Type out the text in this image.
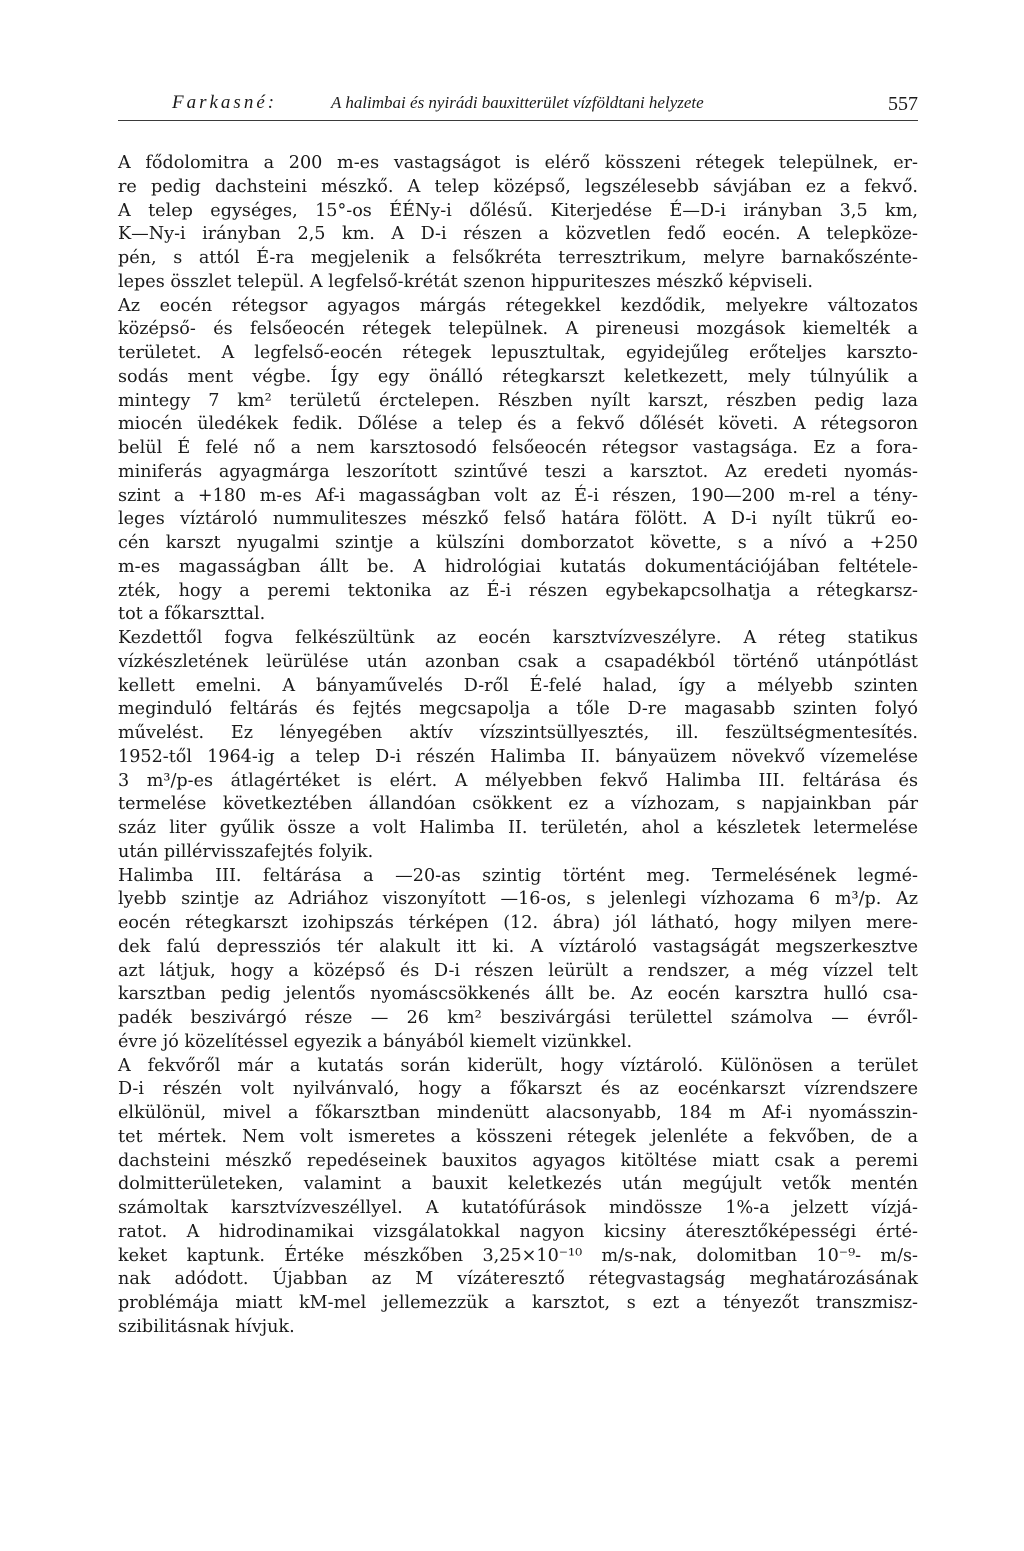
Farkasné:	A halimbai és nyirádi bauxitterület vízföldtani helyzete	557
A fődolomitra a 200 m-es vastagságot is elérő kösszeni rétegek települnek, er-
re pedig dachsteini mészkő. A telep középső, legszélesebb sávjában ez a fekvő.
A telep egységes, 15°-os ÉÉNy-i dőlésű. Kiterjedése É—D-i irányban 3,5 km,
K—Ny-i irányban 2,5 km. A D-i részen a közvetlen fedő eocén. A telepköze-
pén, s attól É-ra megjelenik a felsőkréta terresztrikum, melyre barnakőszénte-
lepes összlet települ. A legfelső-krétát szenon hippuriteszes mészkő képviseli.
Az eocén rétegsor agyagos márgás rétegekkel kezdődik, melyekre változatos
középső- és felsőeocén rétegek települnek. A pireneusi mozgások kiemelték a
területet. A legfelső-eocén rétegek lepusztultak, egyidejűleg erőteljes karszto-
sodás ment végbe. Így egy önálló rétegkarszt keletkezett, mely túlnyúlik a
mintegy 7 km² területű érctelepen. Részben nyílt karszt, részben pedig laza
miocén üledékek fedik. Dőlése a telep és a fekvő dőlését követi. A rétegsoron
belül É felé nő a nem karsztosodó felsőeocén rétegsor vastagsága. Ez a fora-
miniferás agyagmárga leszorított szintűvé teszi a karsztot. Az eredeti nyomás-
szint a +180 m-es Af-i magasságban volt az É-i részen, 190—200 m-rel a tény-
leges víztároló nummuliteszes mészkő felső határa fölött. A D-i nyílt tükrű eo-
cén karszt nyugalmi szintje a külszíni domborzatot követte, s a nívó a +250
m-es magasságban állt be. A hidrológiai kutatás dokumentációjában feltétele-
zték, hogy a peremi tektonika az É-i részen egybekapcsolhatja a rétegkarsz-
tot a főkarszttal.
Kezdettől fogva felkészültünk az eocén karsztvízveszélyre. A réteg statikus
vízkészletének leürülése után azonban csak a csapadékból történő utánpótlást
kellett emelni. A bányaművelés D-ről É-felé halad, így a mélyebb szinten
meginduló feltárás és fejtés megcsapolja a tőle D-re magasabb szinten folyó
művelést. Ez lényegében aktív vízszintsüllyesztés, ill. feszültségmentesítés.
1952-től 1964-ig a telep D-i részén Halimba II. bányaüzem növekvő vízemelése
3 m³/p-es átlagértéket is elért. A mélyebben fekvő Halimba III. feltárása és
termelése következtében állandóan csökkent ez a vízhozam, s napjainkban pár
száz liter gyűlik össze a volt Halimba II. területén, ahol a készletek letermelése
után pillérvisszafejtés folyik.
Halimba III. feltárása a —20-as szintig történt meg. Termelésének legmé-
lyebb szintje az Adriához viszonyított —16-os, s jelenlegi vízhozama 6 m³/p. Az
eocén rétegkarszt izohipszás térképen (12. ábra) jól látható, hogy milyen mere-
dek falú depressziós tér alakult itt ki. A víztároló vastagságát megszerkesztve
azt látjuk, hogy a középső és D-i részen leürült a rendszer, a még vízzel telt
karsztban pedig jelentős nyomáscsökkenés állt be. Az eocén karsztra hulló csa-
padék beszivárgó része — 26 km² beszivárgási területtel számolva — évről-
évre jó közelítéssel egyezik a bányából kiemelt vizünkkel.
A fekvőről már a kutatás során kiderült, hogy víztároló. Különösen a terület
D-i részén volt nyilvánvaló, hogy a főkarszt és az eocénkarszt vízrendszere
elkülönül, mivel a főkarsztban mindenütt alacsonyabb, 184 m Af-i nyomásszin-
tet mértek. Nem volt ismeretes a kösszeni rétegek jelenléte a fekvőben, de a
dachsteini mészkő repedéseinek bauxitos agyagos kitöltése miatt csak a peremi
dolmitterületeken, valamint a bauxit keletkezés után megújult vetők mentén
számoltak karsztvízveszéllyel. A kutatófúrások mindössze 1%-a jelzett vízjá-
ratot. A hidrodinamikai vizsgálatokkal nagyon kicsiny áteresztőképességi érté-
keket kaptunk. Értéke mészkőben 3,25×10⁻¹⁰ m/s-nak, dolomitban 10⁻⁹- m/s-
nak adódott. Újabban az M vízáteresztő rétegvastagság meghatározásának
problémája miatt kM-mel jellemezzük a karsztot, s ezt a tényezőt transzmisz-
szibilitásnak hívjuk.
